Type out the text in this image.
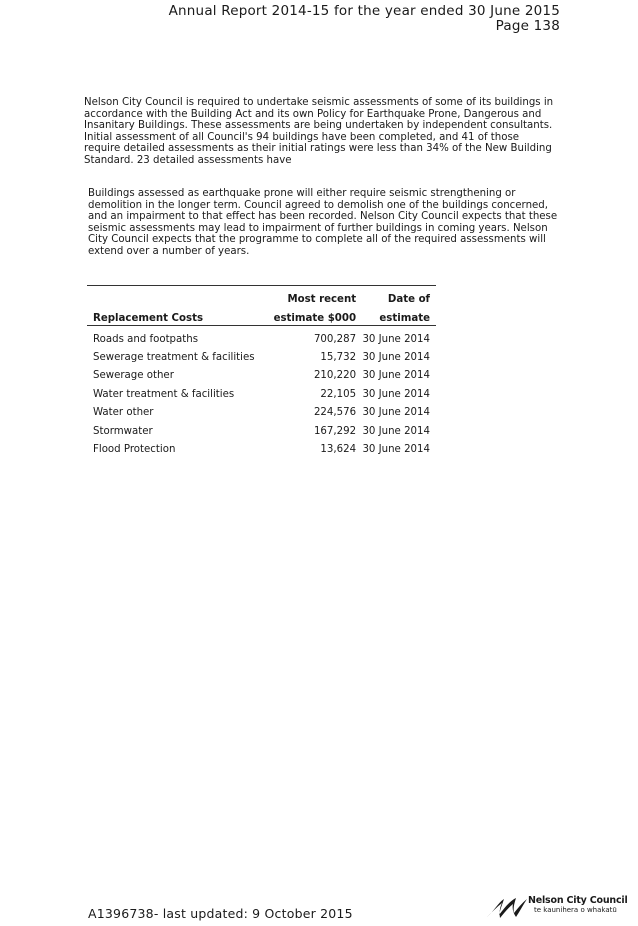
Annual Report 2014-15 for the year ended 30 June 2015
Page 138

Nelson City Council is required to undertake seismic assessments of some of its buildings in accordance with the Building Act and its own Policy for Earthquake Prone, Dangerous and Insanitary Buildings. These assessments are being undertaken by independent consultants. Initial assessment of all Council's 94 buildings have been completed, and 41 of those require detailed assessments as their initial ratings were less than 34% of the New Building Standard. 23 detailed assessments have

Buildings assessed as earthquake prone will either require seismic strengthening or demolition in the longer term. Council agreed to demolish one of the buildings concerned, and an impairment to that effect has been recorded. Nelson City Council expects that these seismic assessments may lead to impairment of further buildings in coming years. Nelson City Council expects that the programme to complete all of the required assessments will extend over a number of years.

	Most recent	Date of
Replacement Costs	estimate $000	estimate
Roads and footpaths	700,287	30 June 2014
Sewerage treatment & facilities	15,732	30 June 2014
Sewerage other	210,220	30 June 2014
Water treatment & facilities	22,105	30 June 2014
Water other	224,576	30 June 2014
Stormwater	167,292	30 June 2014
Flood Protection	13,624	30 June 2014
A1396738- last updated: 9 October 2015
Nelson City Council
te kaunihera o whakatū
